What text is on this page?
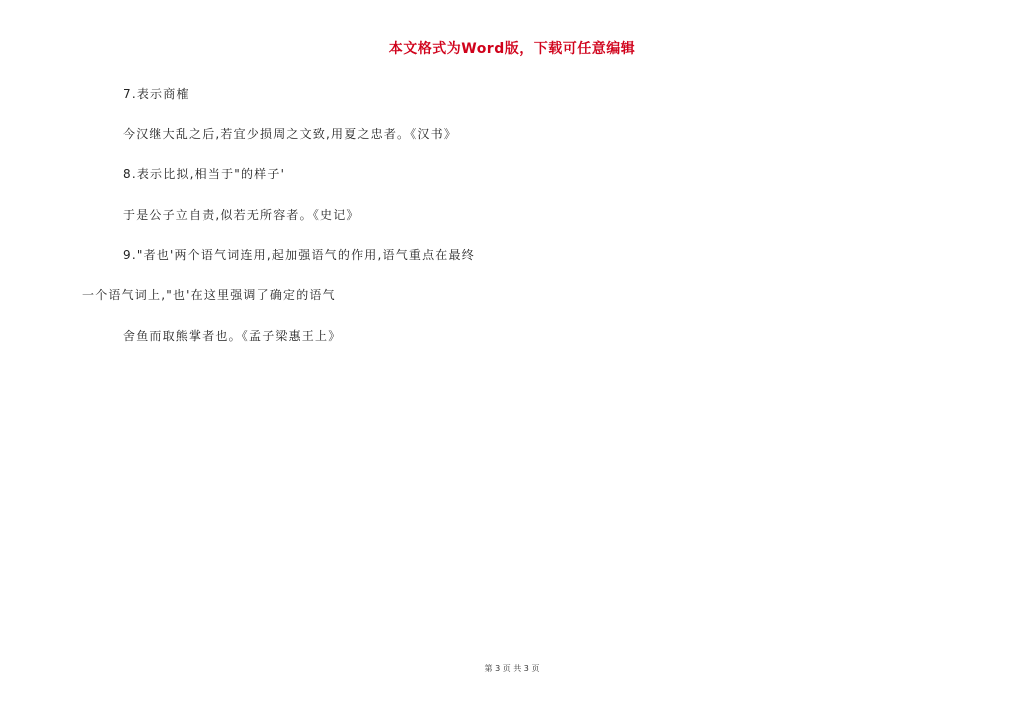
本文格式为Word版，下载可任意编辑
7.表示商榷
今汉继大乱之后,若宜少损周之文致,用夏之忠者。《汉书》
8.表示比拟,相当于"的样子'
于是公子立自责,似若无所容者。《史记》
9."者也'两个语气词连用,起加强语气的作用,语气重点在最终
一个语气词上,"也'在这里强调了确定的语气
舍鱼而取熊掌者也。《孟子梁惠王上》
第 3 页 共 3 页
